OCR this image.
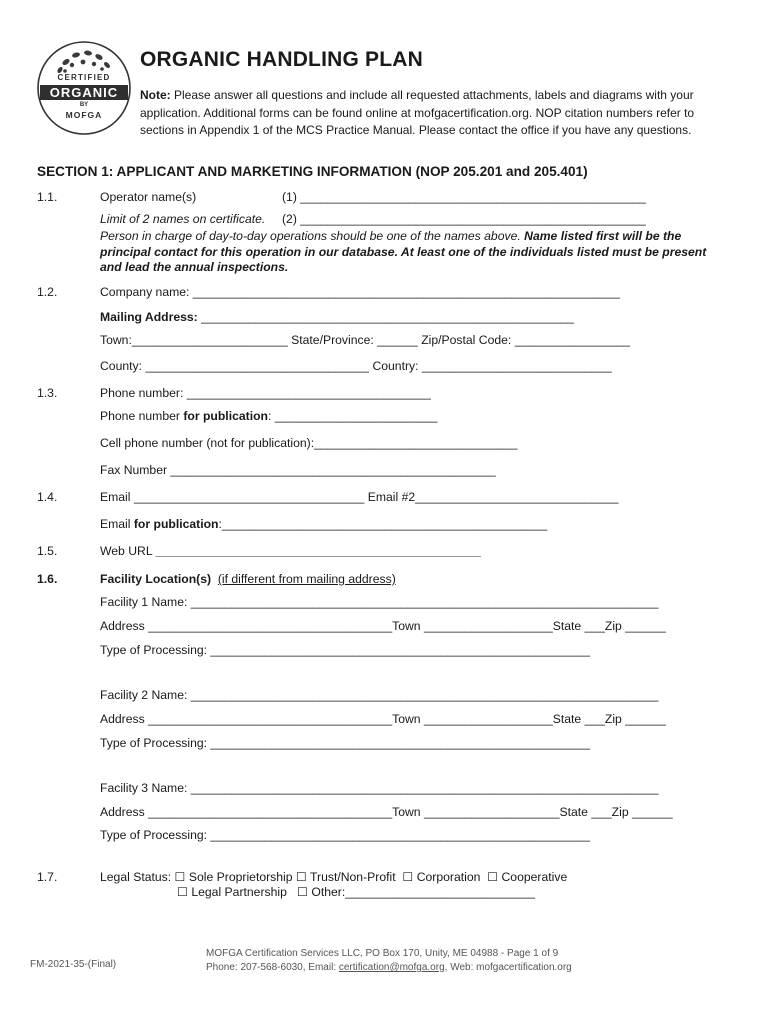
CERTIFIED
ORGANIC
BY
MOFGA
ORGANIC HANDLING PLAN
Note: Please answer all questions and include all requested attachments, labels and diagrams with your application. Additional forms can be found online at mofgacertification.org. NOP citation numbers refer to sections in Appendix 1 of the MCS Practice Manual. Please contact the office if you have any questions.
SECTION 1: APPLICANT AND MARKETING INFORMATION (NOP 205.201 and 205.401)
1.1.	Operator name(s)	(1) ___________________________________________________
Limit of 2 names on certificate. (2) ___________________________________________________
Person in charge of day-to-day operations should be one of the names above. Name listed first will be the principal contact for this operation in our database. At least one of the individuals listed must be present and lead the annual inspections.
1.2.	Company name: _______________________________________________________________
Mailing Address: _______________________________________________________
Town:_______________________ State/Province: ______ Zip/Postal Code: _________________
County: _________________________________ Country: ____________________________
1.3.	Phone number: ____________________________________
Phone number for publication: ________________________
Cell phone number (not for publication):______________________________
Fax Number ________________________________________________
1.4.	Email __________________________________ Email #2______________________________
Email for publication:________________________________________________
1.5.	Web URL ________________________________________________
1.6.	Facility Location(s) (if different from mailing address)
Facility 1 Name: _____________________________________________________________________
Address ____________________________________Town ___________________State ___Zip ______
Type of Processing: ________________________________________________________
Facility 2 Name: _____________________________________________________________________
Address ____________________________________Town ___________________State ___Zip ______
Type of Processing: ________________________________________________________
Facility 3 Name: _____________________________________________________________________
Address ____________________________________Town ____________________State ___Zip ______
Type of Processing: ________________________________________________________
1.7.	Legal Status: ☐ Sole Proprietorship ☐ Trust/Non-Profit ☐ Corporation ☐ Cooperative
☐ Legal Partnership ☐ Other:____________________________
FM-2021-35-(Final)
MOFGA Certification Services LLC, PO Box 170, Unity, ME 04988 - Page 1 of 9
Phone: 207-568-6030, Email: certification@mofga.org, Web: mofgacertification.org
